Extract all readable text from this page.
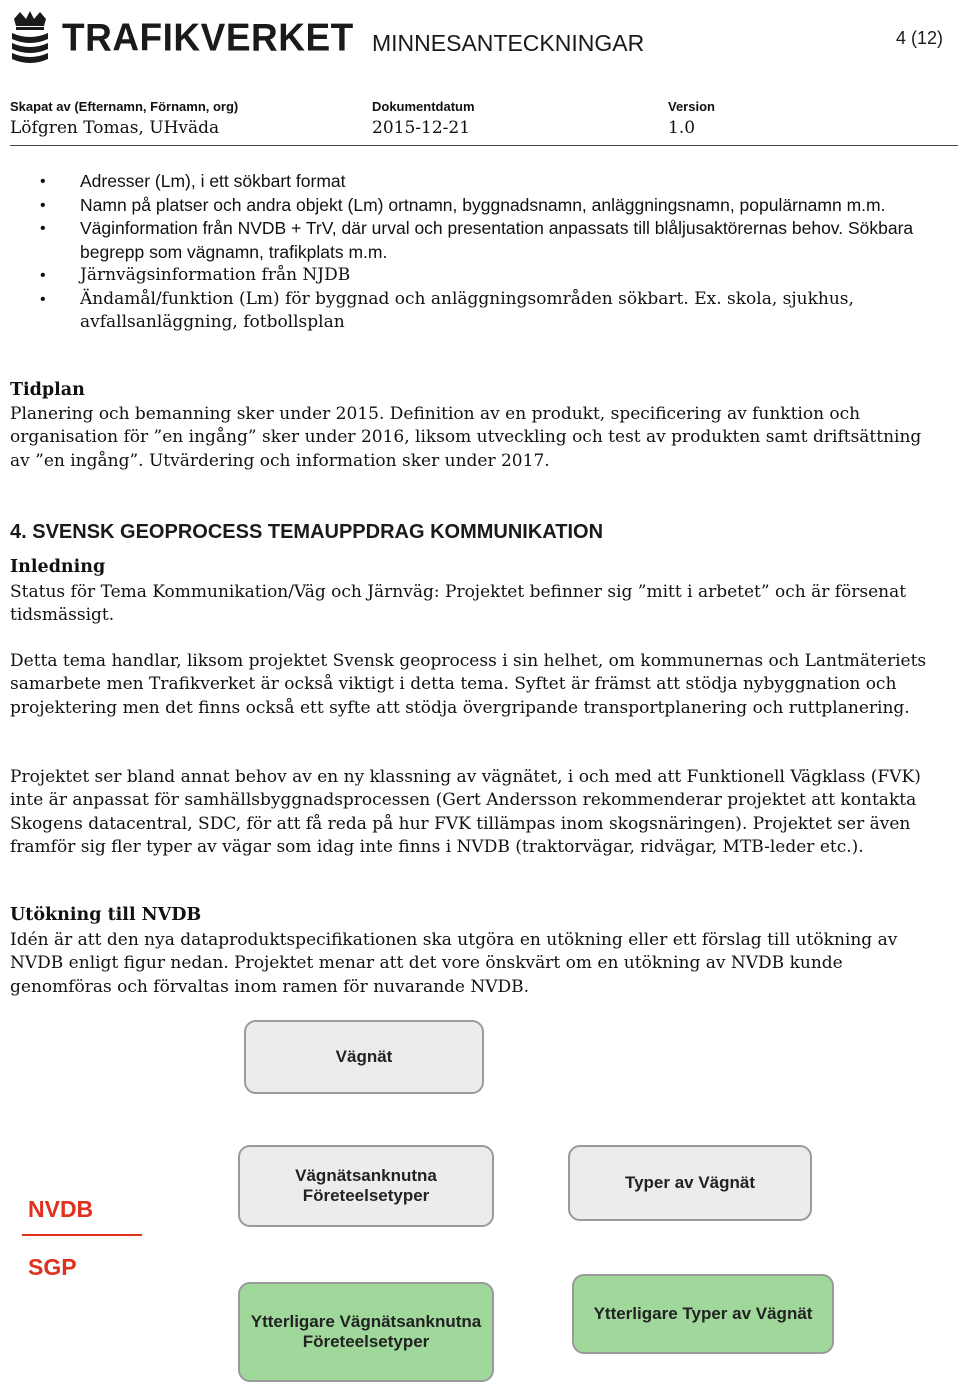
TRAFIKVERKET MINNESANTECKNINGAR	4 (12)
Skapat av (Efternamn, Förnamn, org)
Löfgren Tomas, UHväda
Dokumentdatum
2015-12-21
Version
1.0
• Adresser (Lm), i ett sökbart format
• Namn på platser och andra objekt (Lm) ortnamn, byggnadsnamn, anläggningsnamn, populärnamn m.m.
• Väginformation från NVDB + TrV, där urval och presentation anpassats till blåljusaktörernas behov. Sökbara begrepp som vägnamn, trafikplats m.m.
• Järnvägsinformation från NJDB
• Ändamål/funktion (Lm) för byggnad och anläggningsområden sökbart. Ex. skola, sjukhus, avfallsanläggning, fotbollsplan
Tidplan

Planering och bemanning sker under 2015. Definition av en produkt, specificering av funktion och organisation för ”en ingång” sker under 2016, liksom utveckling och test av produkten samt driftsättning av ”en ingång”. Utvärdering och information sker under 2017.

4. SVENSK GEOPROCESS TEMAUPPDRAG KOMMUNIKATION
Inledning

Status för Tema Kommunikation/Väg och Järnväg: Projektet befinner sig ”mitt i arbetet” och är försenat tidsmässigt.

Detta tema handlar, liksom projektet Svensk geoprocess i sin helhet, om kommunernas och Lantmäteriets samarbete men Trafikverket är också viktigt i detta tema. Syftet är främst att stödja nybyggnation och projektering men det finns också ett syfte att stödja övergripande transportplanering och ruttplanering.

Projektet ser bland annat behov av en ny klassning av vägnätet, i och med att Funktionell Vägklass (FVK) inte är anpassat för samhällsbyggnadsprocessen (Gert Andersson rekommenderar projektet att kontakta Skogens datacentral, SDC, för att få reda på hur FVK tillämpas inom skogsnäringen). Projektet ser även framför sig fler typer av vägar som idag inte finns i NVDB (traktorvägar, ridvägar, MTB-leder etc.).

Utökning till NVDB

Idén är att den nya dataproduktspecifikationen ska utgöra en utökning eller ett förslag till utökning av NVDB enligt figur nedan. Projektet menar att det vore önskvärt om en utökning av NVDB kunde genomföras och förvaltas inom ramen för nuvarande NVDB.

Vägnät
Vägnätsanknutna Företeelsetyper
Typer av Vägnät
NVDB
SGP
Ytterligare Vägnätsanknutna Företeelsetyper
Ytterligare Typer av Vägnät
